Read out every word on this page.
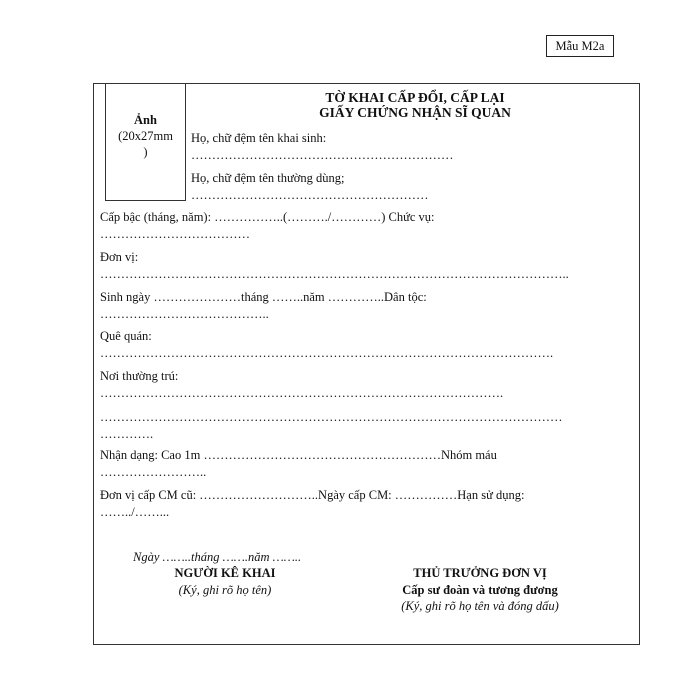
Mẫu M2a
Ảnh
(20x27mm
)
TỜ KHAI CẤP ĐỔI, CẤP LẠI
GIẤY CHỨNG NHẬN SĨ QUAN
Họ, chữ đệm tên khai sinh:
………………………………………………………
Họ, chữ đệm tên thường dùng;
…………………………………………………
Cấp bậc (tháng, năm): ……………..(………./…………) Chức vụ:
………………………………
Đơn vị:
…………………………………………………………………………………………………..
Sinh ngày …………………tháng ……..năm …………..Dân tộc:
…………………………………..
Quê quán:
……………………………………………………………………………………………….
Nơi thường trú:
…………………………………………………………………………………….
…………………………………………………………………………………………………
………….
Nhận dạng: Cao 1m …………………………………………………Nhóm máu
……………………..
Đơn vị cấp CM cũ: ………………………..Ngày cấp CM: ……………Hạn sử dụng:
……../……...
Ngày ……..tháng …….năm ……..
NGƯỜI KÊ KHAI
(Ký, ghi rõ họ tên)
THỦ TRƯỞNG ĐƠN VỊ
Cấp sư đoàn và tương đương
(Ký, ghi rõ họ tên và đóng dấu)
